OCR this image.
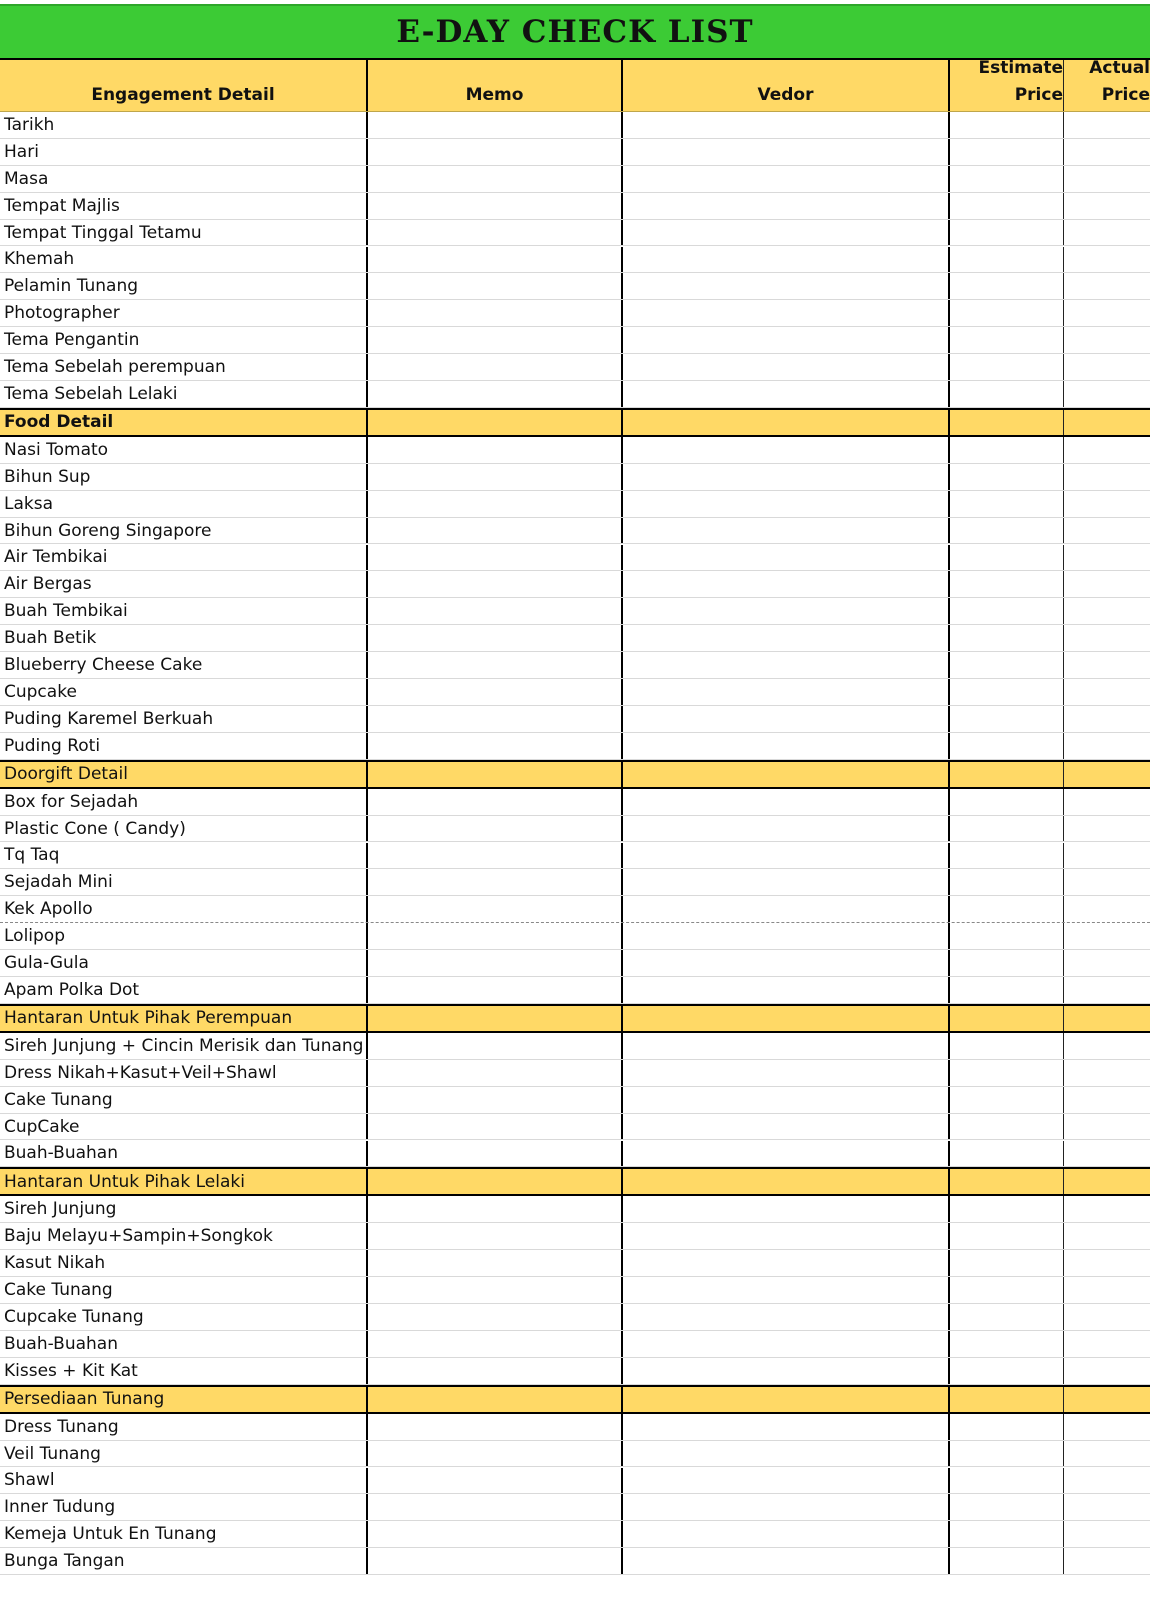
E-DAY CHECK LIST
Engagement Detail	Memo	Vedor
Estimate
Price
Actual
Price
Tarikh
Hari
Masa
Tempat Majlis
Tempat Tinggal Tetamu
Khemah
Pelamin Tunang
Photographer
Tema Pengantin
Tema Sebelah perempuan
Tema Sebelah Lelaki
Food Detail
Nasi Tomato
Bihun Sup
Laksa
Bihun Goreng Singapore
Air Tembikai
Air Bergas
Buah Tembikai
Buah Betik
Blueberry Cheese Cake
Cupcake
Puding Karemel Berkuah
Puding Roti
Doorgift Detail
Box for Sejadah
Plastic Cone ( Candy)
Tq Taq
Sejadah Mini
Kek Apollo
Lolipop
Gula-Gula
Apam Polka Dot
Hantaran Untuk Pihak Perempuan
Sireh Junjung + Cincin Merisik dan Tunang
Dress Nikah+Kasut+Veil+Shawl
Cake Tunang
CupCake
Buah-Buahan
Hantaran Untuk Pihak Lelaki
Sireh Junjung
Baju Melayu+Sampin+Songkok
Kasut Nikah
Cake Tunang
Cupcake Tunang
Buah-Buahan
Kisses + Kit Kat
Persediaan Tunang
Dress Tunang
Veil Tunang
Shawl
Inner Tudung
Kemeja Untuk En Tunang
Bunga Tangan
